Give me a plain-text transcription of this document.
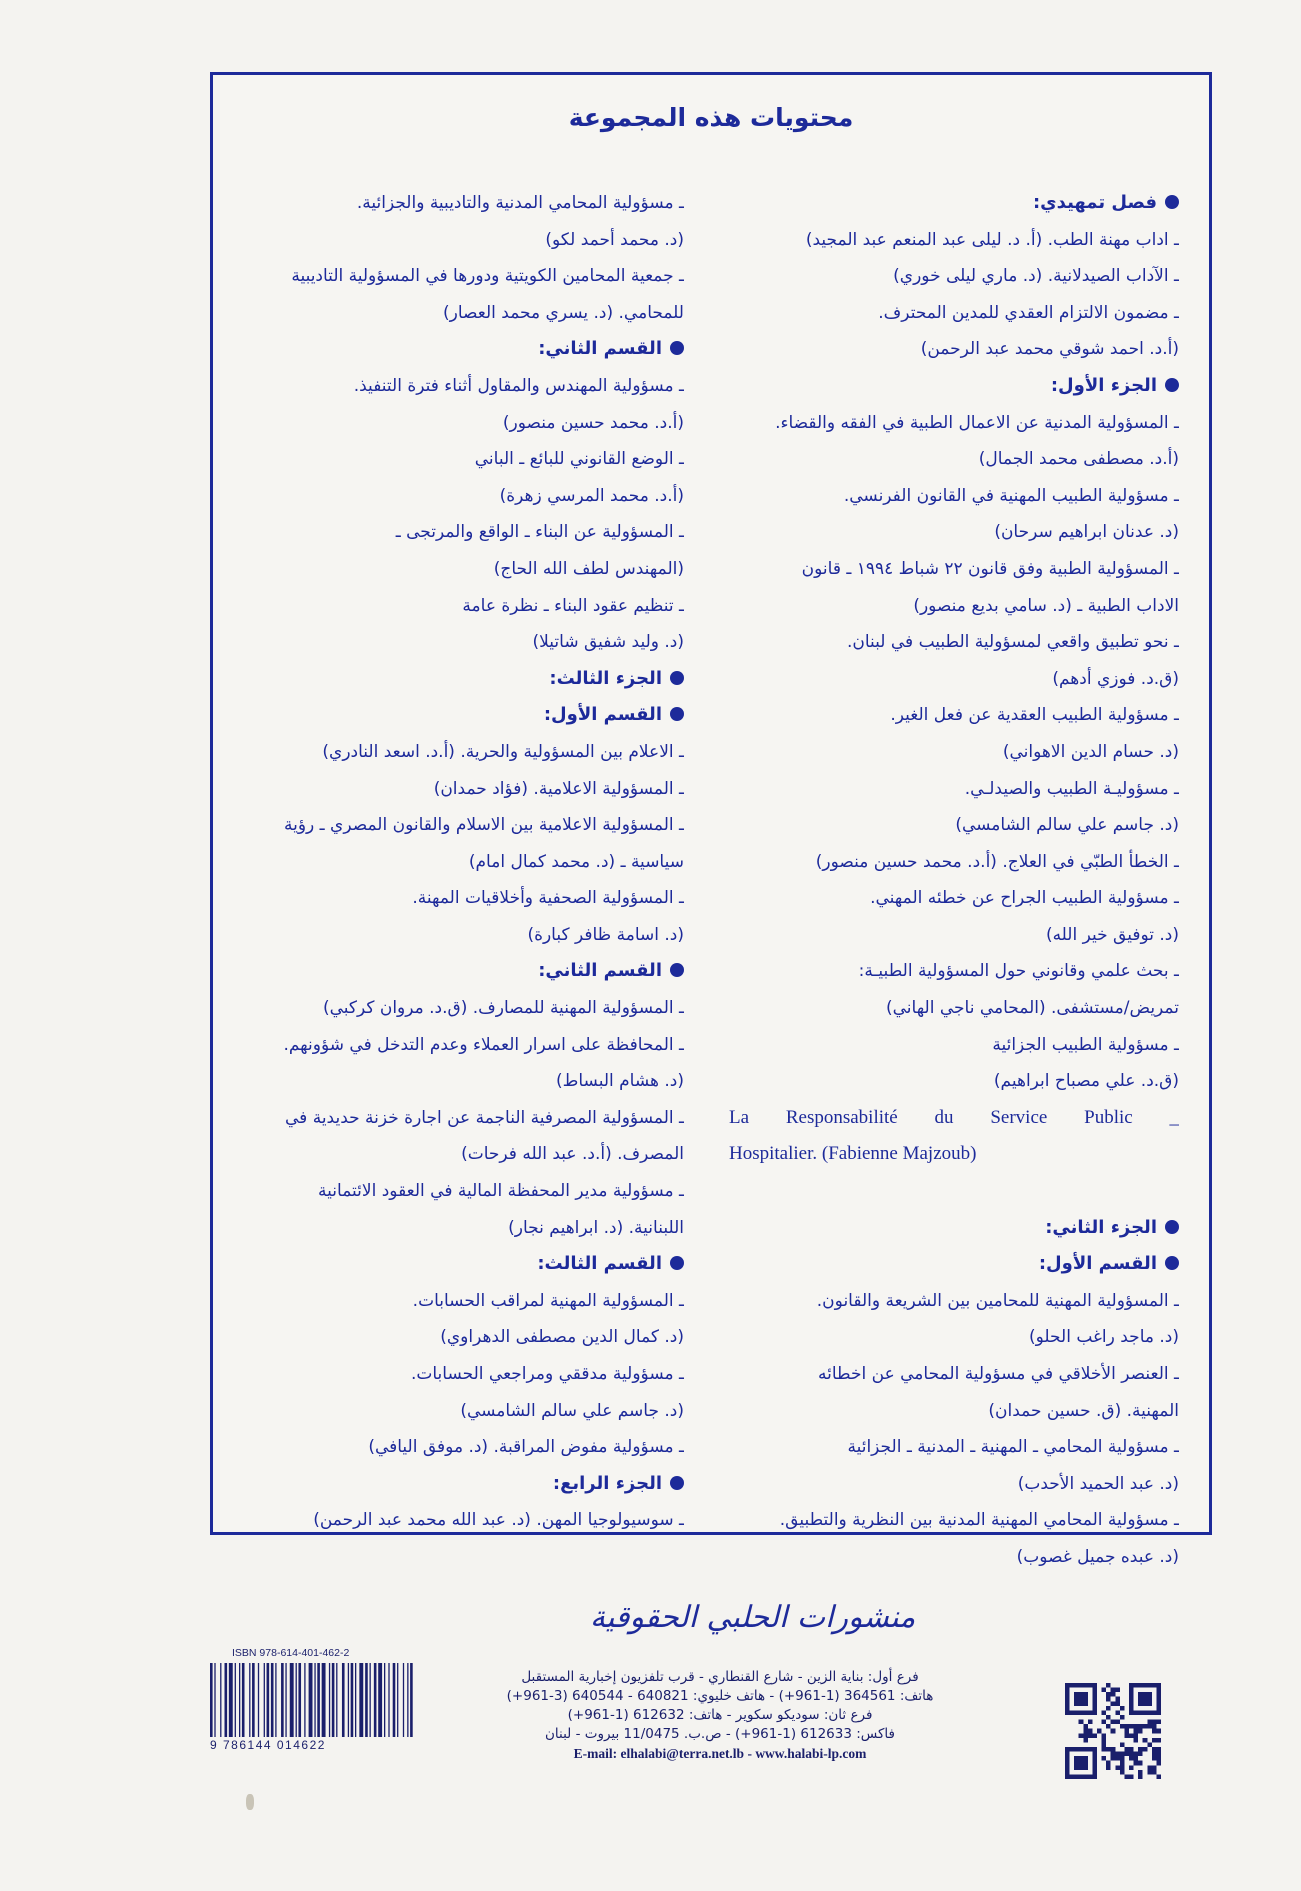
محتويات هذه المجموعة
فصل تمهيدي:
ـ اداب مهنة الطب. (أ. د. ليلى عبد المنعم عبد المجيد)
ـ الآداب الصيدلانية. (د. ماري ليلى خوري)
ـ مضمون الالتزام العقدي للمدين المحترف.
(أ.د. احمد شوقي محمد عبد الرحمن)
الجزء الأول:
ـ المسؤولية المدنية عن الاعمال الطبية في الفقه والقضاء.
(أ.د. مصطفى محمد الجمال)
ـ مسؤولية الطبيب المهنية في القانون الفرنسي.
(د. عدنان ابراهيم سرحان)
ـ المسؤولية الطبية وفق قانون ٢٢ شباط ١٩٩٤ ـ قانون
الاداب الطبية ـ (د. سامي بديع منصور)
ـ نحو تطبيق واقعي لمسؤولية الطبيب في لبنان.
(ق.د. فوزي أدهم)
ـ مسؤولية الطبيب العقدية عن فعل الغير.
(د. حسام الدين الاهواني)
ـ مسؤوليـة الطبيب والصيدلـي.
(د. جاسم علي سالم الشامسي)
ـ الخطأ الطبّي في العلاج. (أ.د. محمد حسين منصور)
ـ مسؤولية الطبيب الجراح عن خطئه المهني.
(د. توفيق خير الله)
ـ بحث علمي وقانوني حول المسؤولية الطبيـة:
تمريض/مستشفى. (المحامي ناجي الهاني)
ـ مسؤولية الطبيب الجزائية
(ق.د. علي مصباح ابراهيم)
La Responsabilité du Service Public _
Hospitalier. (Fabienne Majzoub)
الجزء الثاني:
القسم الأول:
ـ المسؤولية المهنية للمحامين بين الشريعة والقانون.
(د. ماجد راغب الحلو)
ـ العنصر الأخلاقي في مسؤولية المحامي عن اخطائه
المهنية. (ق. حسين حمدان)
ـ مسؤولية المحامي ـ المهنية ـ المدنية ـ الجزائية
(د. عبد الحميد الأحدب)
ـ مسؤولية المحامي المهنية المدنية بين النظرية والتطبيق.
(د. عبده جميل غصوب)
ـ مسؤولية المحامي المدنية والتاديبية والجزائية.
(د. محمد أحمد لكو)
ـ جمعية المحامين الكويتية ودورها في المسؤولية التاديبية
للمحامي. (د. يسري محمد العصار)
القسم الثاني:
ـ مسؤولية المهندس والمقاول أثناء فترة التنفيذ.
(أ.د. محمد حسين منصور)
ـ الوضع القانوني للبائع ـ الباني
(أ.د. محمد المرسي زهرة)
ـ المسؤولية عن البناء ـ الواقع والمرتجى ـ
(المهندس لطف الله الحاج)
ـ تنظيم عقود البناء ـ نظرة عامة
(د. وليد شفيق شاتيلا)
الجزء الثالث:
القسم الأول:
ـ الاعلام بين المسؤولية والحرية. (أ.د. اسعد النادري)
ـ المسؤولية الاعلامية. (فؤاد حمدان)
ـ المسؤولية الاعلامية بين الاسلام والقانون المصري ـ رؤية
سياسية ـ (د. محمد كمال امام)
ـ المسؤولية الصحفية وأخلاقيات المهنة.
(د. اسامة ظافر كبارة)
القسم الثاني:
ـ المسؤولية المهنية للمصارف. (ق.د. مروان كركبي)
ـ المحافظة على اسرار العملاء وعدم التدخل في شؤونهم.
(د. هشام البساط)
ـ المسؤولية المصرفية الناجمة عن اجارة خزنة حديدية في
المصرف. (أ.د. عبد الله فرحات)
ـ مسؤولية مدير المحفظة المالية في العقود الائتمانية
اللبنانية. (د. ابراهيم نجار)
القسم الثالث:
ـ المسؤولية المهنية لمراقب الحسابات.
(د. كمال الدين مصطفى الدهراوي)
ـ مسؤولية مدققي ومراجعي الحسابات.
(د. جاسم علي سالم الشامسي)
ـ مسؤولية مفوض المراقبة. (د. موفق اليافي)
الجزء الرابع:
ـ سوسيولوجيا المهن. (د. عبد الله محمد عبد الرحمن)
منشورات الحلبي الحقوقية
فرع أول: بناية الزين - شارع القنطاري - قرب تلفزيون إخبارية المستقبل
هاتف: 364561 (1-961+) - هاتف خليوي: 640821 - 640544 (3-961+)
فرع ثان: سوديكو سكوير - هاتف: 612632 (1-961+)
فاكس: 612633 (1-961+) - ص.ب. 11/0475 بيروت - لبنان
E-mail: elhalabi@terra.net.lb - www.halabi-lp.com
ISBN 978-614-401-462-2
9 786144 014622
